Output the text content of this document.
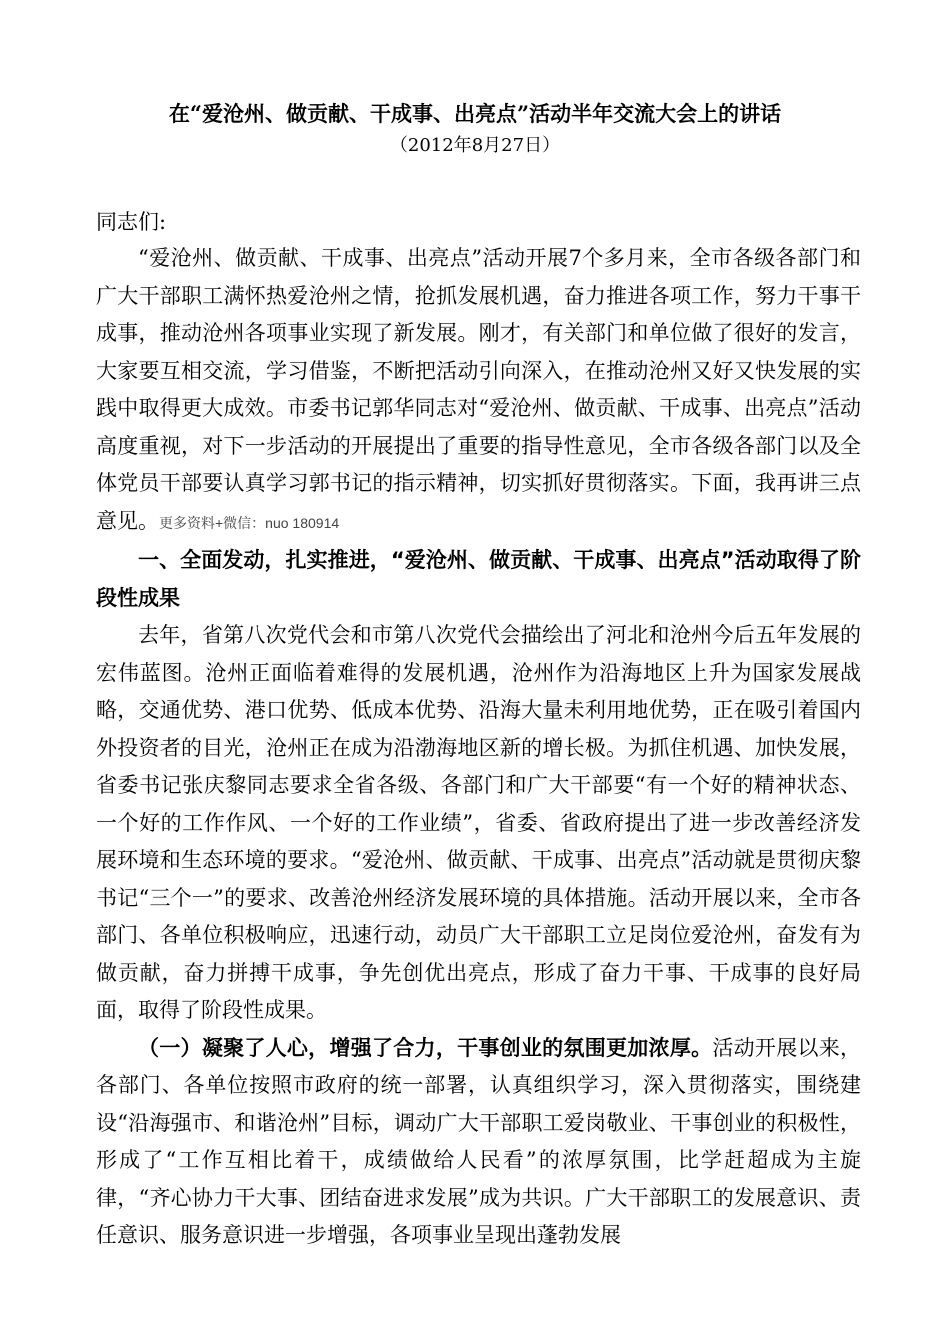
在“爱沧州、做贡献、干成事、出亮点”活动半年交流大会上的讲话
（2012年8月27日）
同志们:

“爱沧州、做贡献、干成事、出亮点”活动开展7个多月来，全市各级各部门和广大干部职工满怀热爱沧州之情，抢抓发展机遇，奋力推进各项工作，努力干事干成事，推动沧州各项事业实现了新发展。刚才，有关部门和单位做了很好的发言，大家要互相交流，学习借鉴，不断把活动引向深入，在推动沧州又好又快发展的实践中取得更大成效。市委书记郭华同志对“爱沧州、做贡献、干成事、出亮点”活动高度重视，对下一步活动的开展提出了重要的指导性意见，全市各级各部门以及全体党员干部要认真学习郭书记的指示精神，切实抓好贯彻落实。下面，我再讲三点意见。更多资料+微信：nuo 180914

一、全面发动，扎实推进，“爱沧州、做贡献、干成事、出亮点”活动取得了阶段性成果

去年，省第八次党代会和市第八次党代会描绘出了河北和沧州今后五年发展的宏伟蓝图。沧州正面临着难得的发展机遇，沧州作为沿海地区上升为国家发展战略，交通优势、港口优势、低成本优势、沿海大量未利用地优势，正在吸引着国内外投资者的目光，沧州正在成为沿渤海地区新的增长极。为抓住机遇、加快发展，省委书记张庆黎同志要求全省各级、各部门和广大干部要“有一个好的精神状态、一个好的工作作风、一个好的工作业绩”，省委、省政府提出了进一步改善经济发展环境和生态环境的要求。“爱沧州、做贡献、干成事、出亮点”活动就是贯彻庆黎书记“三个一”的要求、改善沧州经济发展环境的具体措施。活动开展以来，全市各部门、各单位积极响应，迅速行动，动员广大干部职工立足岗位爱沧州，奋发有为做贡献，奋力拼搏干成事，争先创优出亮点，形成了奋力干事、干成事的良好局面，取得了阶段性成果。

（一）凝聚了人心，增强了合力，干事创业的氛围更加浓厚。活动开展以来，各部门、各单位按照市政府的统一部署，认真组织学习，深入贯彻落实，围绕建设“沿海强市、和谐沧州”目标，调动广大干部职工爱岗敬业、干事创业的积极性，形成了“工作互相比着干，成绩做给人民看”的浓厚氛围，比学赶超成为主旋律，“齐心协力干大事、团结奋进求发展”成为共识。广大干部职工的发展意识、责任意识、服务意识进一步增强，各项事业呈现出蓬勃发展
